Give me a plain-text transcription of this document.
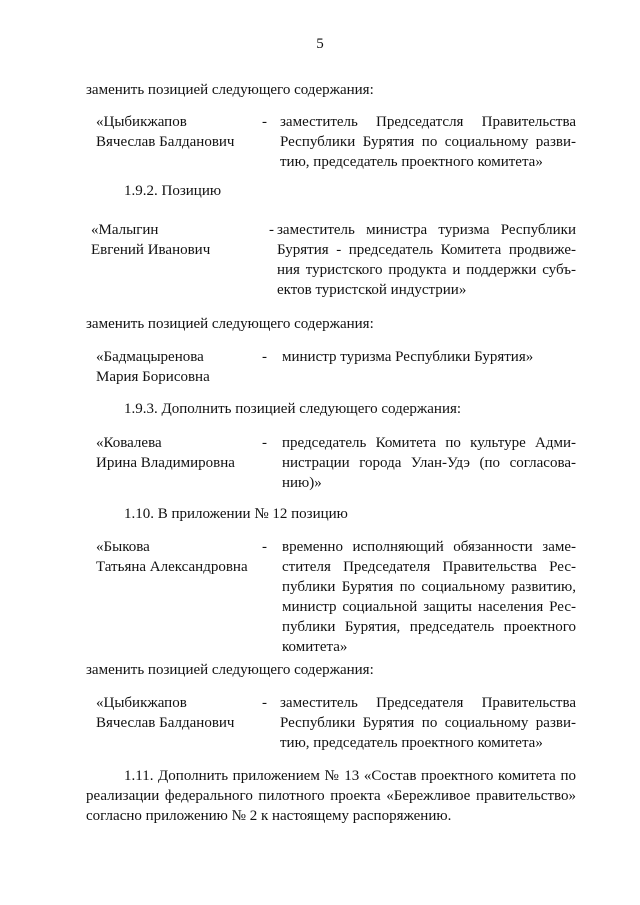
5
заменить позицией следующего содержания:
«Цыбикжапов
Вячеслав Балданович
- заместитель Председатсля Правительства
Республики Бурятия по социальному разви-
тию, председатель проектного комитета»
1.9.2. Позицию
«Малыгин
Евгений Иванович
- заместитель министра туризма Республики
Бурятия - председатель Комитета продвиже-
ния туристского продукта и поддержки субъ-
ектов туристской индустрии»
заменить позицией следующего содержания:
«Бадмацыренова
Мария Борисовна
- министр туризма Республики Бурятия»
1.9.3. Дополнить позицией следующего содержания:
«Ковалева
Ирина Владимировна
- председатель Комитета по культуре Адми-
нистрации города Улан-Удэ (по согласова-
нию)»
1.10. В приложении № 12 позицию
«Быкова
Татьяна Александровна
- временно исполняющий обязанности заме-
стителя Председателя Правительства Рес-
публики Бурятия по социальному развитию,
министр социальной защиты населения Рес-
публики Бурятия, председатель проектного
комитета»
заменить позицией следующего содержания:
«Цыбикжапов
Вячеслав Балданович
- заместитель Председателя Правительства
Республики Бурятия по социальному разви-
тию, председатель проектного комитета»
1.11. Дополнить приложением № 13 «Состав проектного комитета по
реализации федерального пилотного проекта «Бережливое правительство»
согласно приложению № 2 к настоящему распоряжению.
